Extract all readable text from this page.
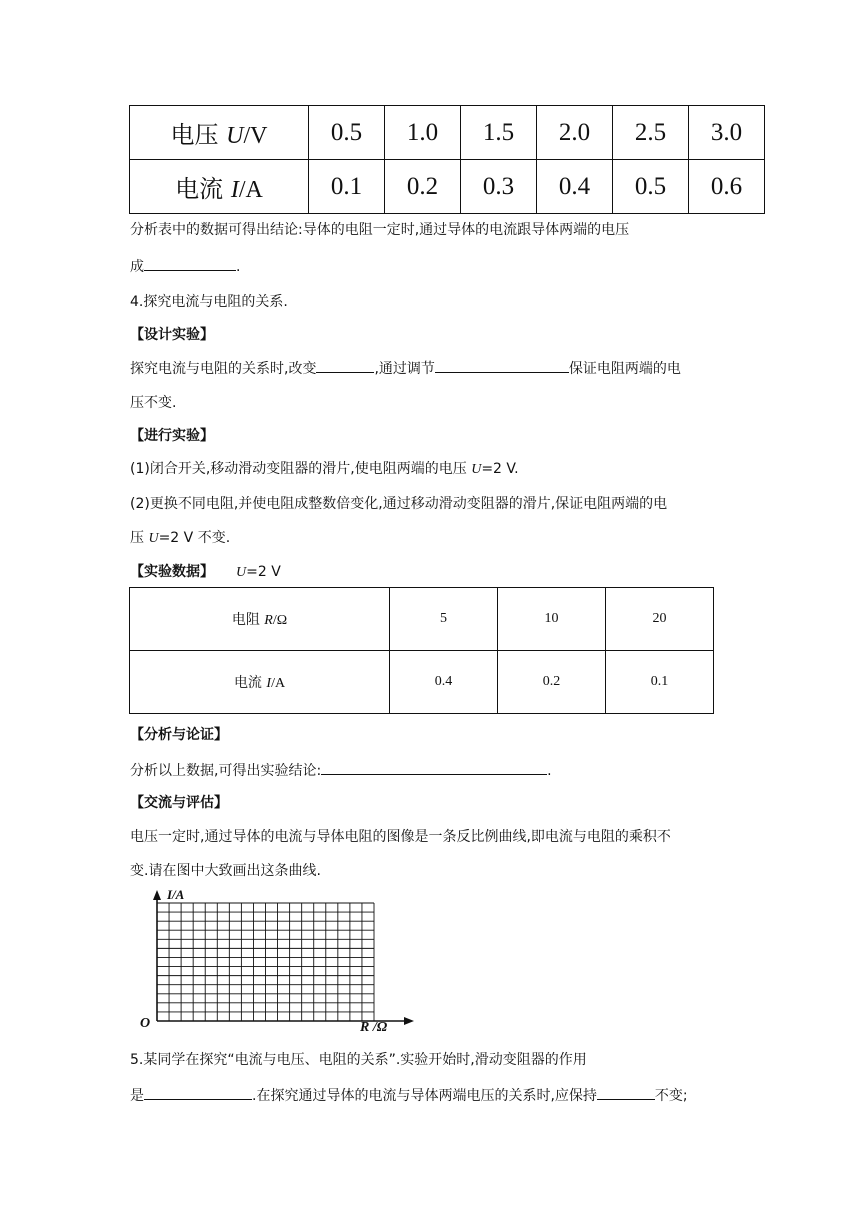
电压 U/V	0.5	1.0	1.5	2.0	2.5	3.0
电流 I/A	0.1	0.2	0.3	0.4	0.5	0.6
分析表中的数据可得出结论:导体的电阻一定时,通过导体的电流跟导体两端的电压
成	.
4.探究电流与电阻的关系.
【设计实验】
探究电流与电阻的关系时,改变	,通过调节	保证电阻两端的电
压不变.
【进行实验】
(1)闭合开关,移动滑动变阻器的滑片,使电阻两端的电压 U=2 V.
(2)更换不同电阻,并使电阻成整数倍变化,通过移动滑动变阻器的滑片,保证电阻两端的电
压 U=2 V 不变.
【实验数据】 U=2 V
电阻 R/Ω	5	10	20
电流 I/A	0.4	0.2	0.1
【分析与论证】
分析以上数据,可得出实验结论:	.
【交流与评估】
电压一定时,通过导体的电流与导体电阻的图像是一条反比例曲线,即电流与电阻的乘积不
变.请在图中大致画出这条曲线.
I/A
R /Ω
O
5.某同学在探究“电流与电压、电阻的关系”.实验开始时,滑动变阻器的作用
是	.在探究通过导体的电流与导体两端电压的关系时,应保持	不变;
